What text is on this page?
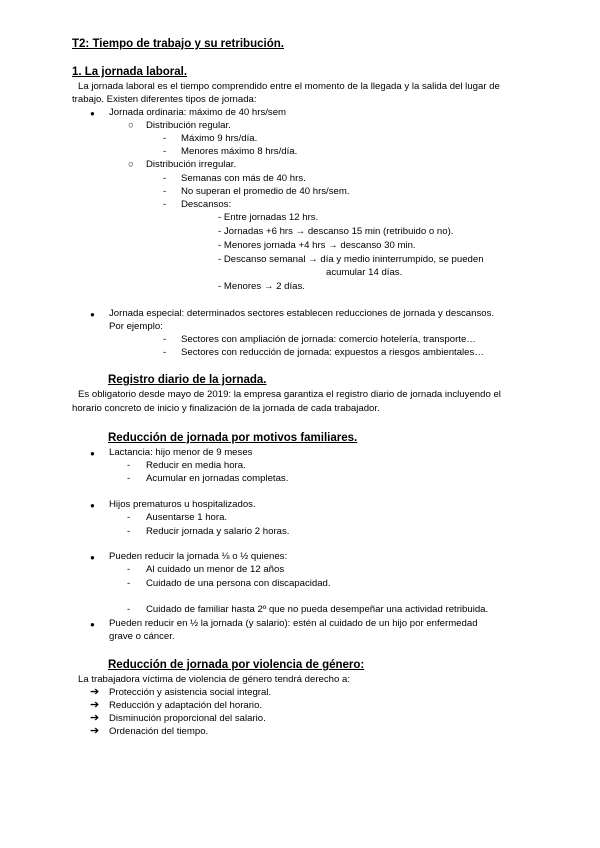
T2: Tiempo de trabajo y su retribución.
1. La jornada laboral.
La jornada laboral es el tiempo comprendido entre el momento de la llegada y la salida del lugar de
trabajo. Existen diferentes tipos de jornada:
● Jornada ordinaria: máximo de 40 hrs/sem
○ Distribución regular.
- Máximo 9 hrs/día.
- Menores máximo 8 hrs/día.
○ Distribución irregular.
- Semanas con más de 40 hrs.
- No superan el promedio de 40 hrs/sem.
- Descansos:
- Entre jornadas 12 hrs.
- Jornadas +6 hrs → descanso 15 min (retribuido o no).
- Menores jornada +4 hrs → descanso 30 min.
- Descanso semanal → día y medio ininterrumpido, se pueden
acumular 14 días.
- Menores → 2 días.
● Jornada especial: determinados sectores establecen reducciones de jornada y descansos.
Por ejemplo:
- Sectores con ampliación de jornada: comercio hotelería, transporte…
- Sectores con reducción de jornada: expuestos a riesgos ambientales…
Registro diario de la jornada.
Es obligatorio desde mayo de 2019: la empresa garantiza el registro diario de jornada incluyendo el
horario concreto de inicio y finalización de la jornada de cada trabajador.
Reducción de jornada por motivos familiares.
● Lactancia: hijo menor de 9 meses
- Reducir en media hora.
- Acumular en jornadas completas.
● Hijos prematuros u hospitalizados.
- Ausentarse 1 hora.
- Reducir jornada y salario 2 horas.
● Pueden reducir la jornada ⅛ o ½ quienes:
- Al cuidado un menor de 12 años
- Cuidado de una persona con discapacidad.
- Cuidado de familiar hasta 2º que no pueda desempeñar una actividad retribuida.
● Pueden reducir en ½ la jornada (y salario): estén al cuidado de un hijo por enfermedad
grave o cáncer.
Reducción de jornada por violencia de género:
La trabajadora víctima de violencia de género tendrá derecho a:
➔ Protección y asistencia social integral.
➔ Reducción y adaptación del horario.
➔ Disminución proporcional del salario.
➔ Ordenación del tiempo.
